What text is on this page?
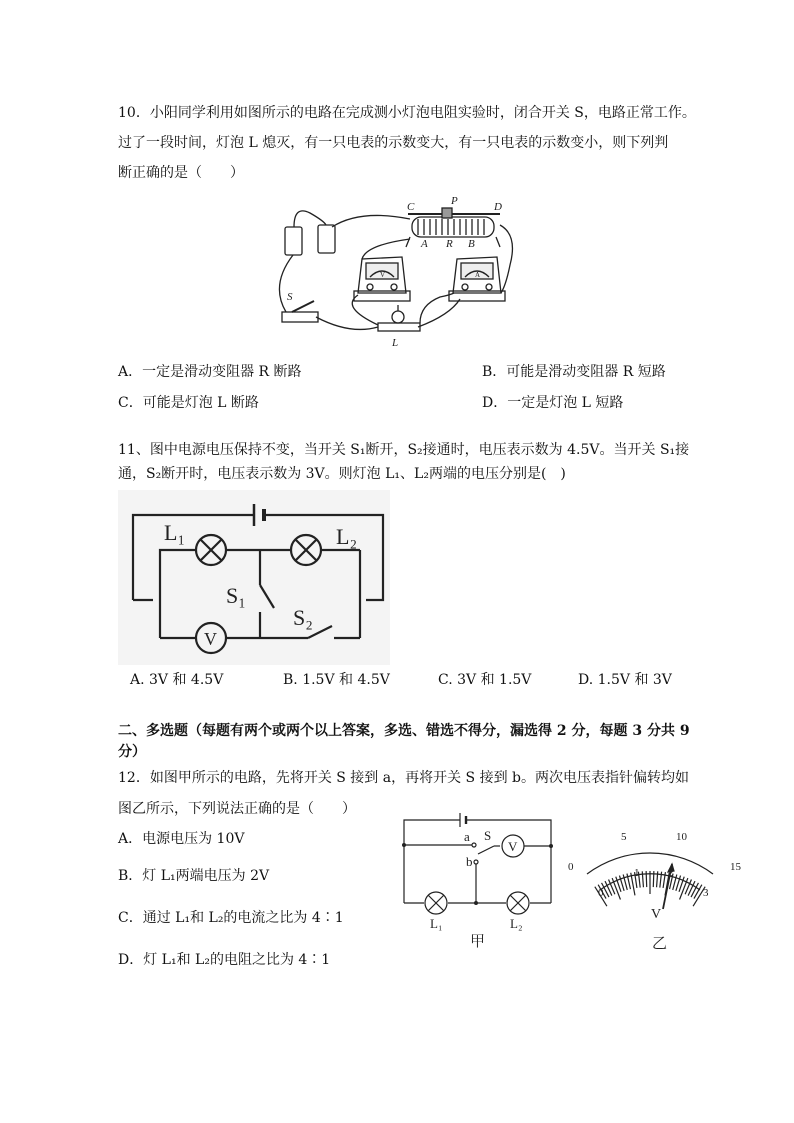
10．小阳同学利用如图所示的电路在完成测小灯泡电阻实验时，闭合开关 S，电路正常工作。
过了一段时间，灯泡 L 熄灭，有一只电表的示数变大，有一只电表的示数变小，则下列判
断正确的是（　　）
C	P	D
A R B
S
L
V	A
A．一定是滑动变阻器 R 断路	B．可能是滑动变阻器 R 短路
C．可能是灯泡 L 断路	D．一定是灯泡 L 短路
11、图中电源电压保持不变，当开关 S₁断开，S₂接通时，电压表示数为 4.5V。当开关 S₁接
通，S₂断开时，电压表示数为 3V。则灯泡 L₁、L₂两端的电压分别是(　)
L₁	L₂
S₁
S₂
V
A. 3V 和 4.5V	B. 1.5V 和 4.5V	C. 3V 和 1.5V	D. 1.5V 和 3V
二、多选题（每题有两个或两个以上答案，多选、错选不得分，漏选得 2 分，每题 3 分共 9
分）
12．如图甲所示的电路，先将开关 S 接到 a，再将开关 S 接到 b。两次电压表指针偏转均如
图乙所示，下列说法正确的是（　　）
A．电源电压为 10V
B．灯 L₁两端电压为 2V
C．通过 L₁和 L₂的电流之比为 4∶1
D．灯 L₁和 L₂的电阻之比为 4∶1
a S
b
V
L₁	L₂
甲
0
5	10
15
0
1	2
3
V
乙
